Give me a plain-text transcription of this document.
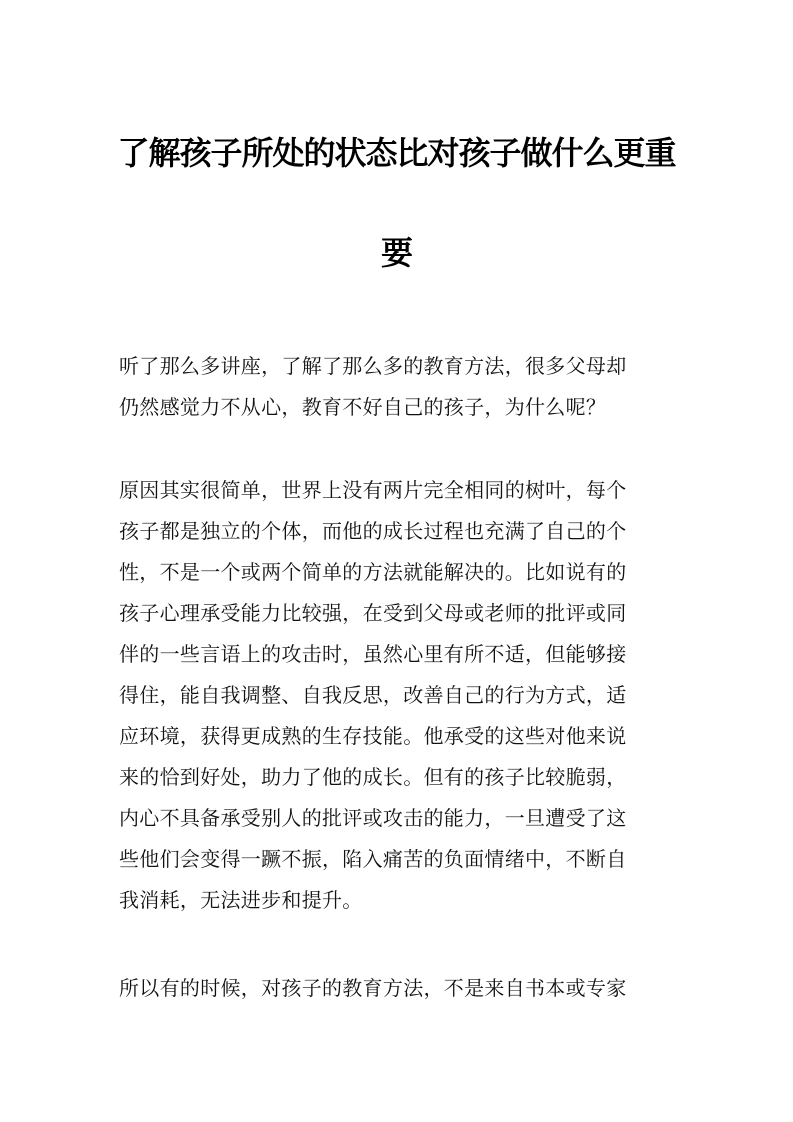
了解孩子所处的状态比对孩子做什么更重
要
听了那么多讲座，了解了那么多的教育方法，很多父母却
仍然感觉力不从心，教育不好自己的孩子，为什么呢？
原因其实很简单，世界上没有两片完全相同的树叶，每个
孩子都是独立的个体，而他的成长过程也充满了自己的个
性，不是一个或两个简单的方法就能解决的。比如说有的
孩子心理承受能力比较强，在受到父母或老师的批评或同
伴的一些言语上的攻击时，虽然心里有所不适，但能够接
得住，能自我调整、自我反思，改善自己的行为方式，适
应环境，获得更成熟的生存技能。他承受的这些对他来说
来的恰到好处，助力了他的成长。但有的孩子比较脆弱，
内心不具备承受别人的批评或攻击的能力，一旦遭受了这
些他们会变得一蹶不振，陷入痛苦的负面情绪中，不断自
我消耗，无法进步和提升。
所以有的时候，对孩子的教育方法，不是来自书本或专家
